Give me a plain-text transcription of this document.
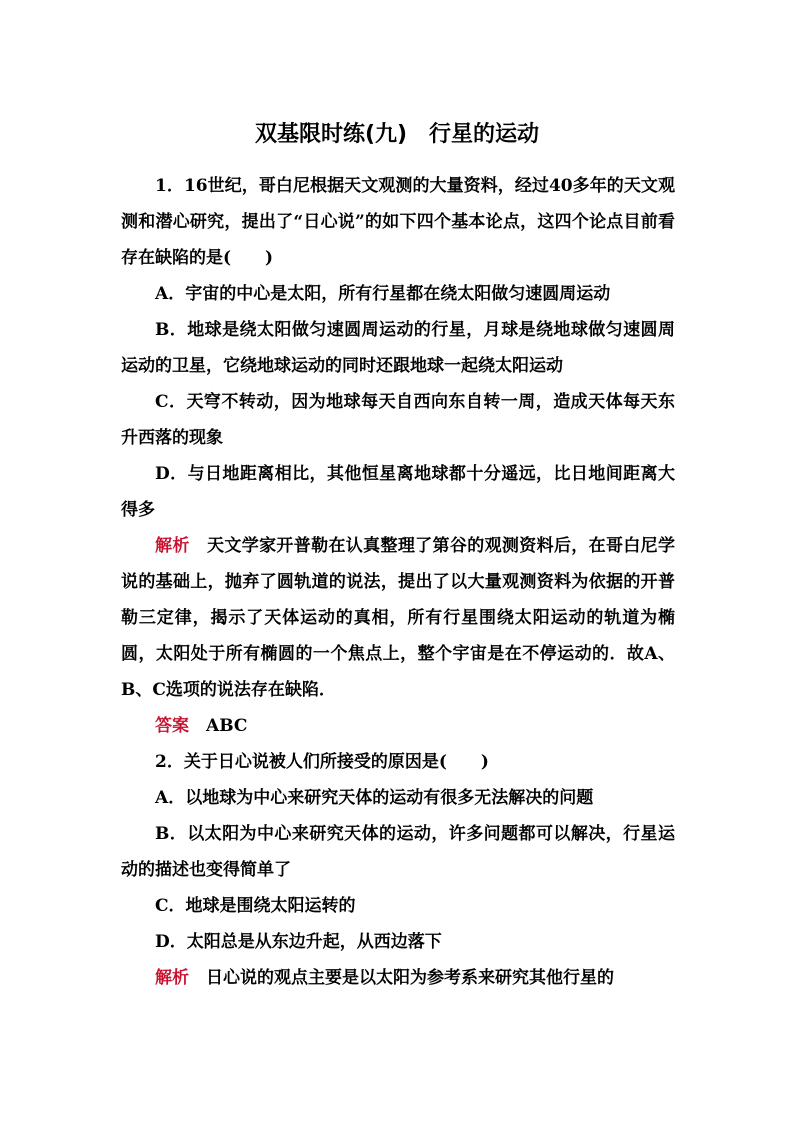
双基限时练(九)　行星的运动

1．16世纪，哥白尼根据天文观测的大量资料，经过40多年的天文观测和潜心研究，提出了“日心说”的如下四个基本论点，这四个论点目前看存在缺陷的是(　　)

A．宇宙的中心是太阳，所有行星都在绕太阳做匀速圆周运动

B．地球是绕太阳做匀速圆周运动的行星，月球是绕地球做匀速圆周运动的卫星，它绕地球运动的同时还跟地球一起绕太阳运动

C．天穹不转动，因为地球每天自西向东自转一周，造成天体每天东升西落的现象

D．与日地距离相比，其他恒星离地球都十分遥远，比日地间距离大得多

解析 天文学家开普勒在认真整理了第谷的观测资料后，在哥白尼学说的基础上，抛弃了圆轨道的说法，提出了以大量观测资料为依据的开普勒三定律，揭示了天体运动的真相，所有行星围绕太阳运动的轨道为椭圆，太阳处于所有椭圆的一个焦点上，整个宇宙是在不停运动的．故A、B、C选项的说法存在缺陷．

答案 ABC

2．关于日心说被人们所接受的原因是(　　)

A．以地球为中心来研究天体的运动有很多无法解决的问题

B．以太阳为中心来研究天体的运动，许多问题都可以解决，行星运动的描述也变得简单了

C．地球是围绕太阳运转的

D．太阳总是从东边升起，从西边落下

解析 日心说的观点主要是以太阳为参考系来研究其他行星的
